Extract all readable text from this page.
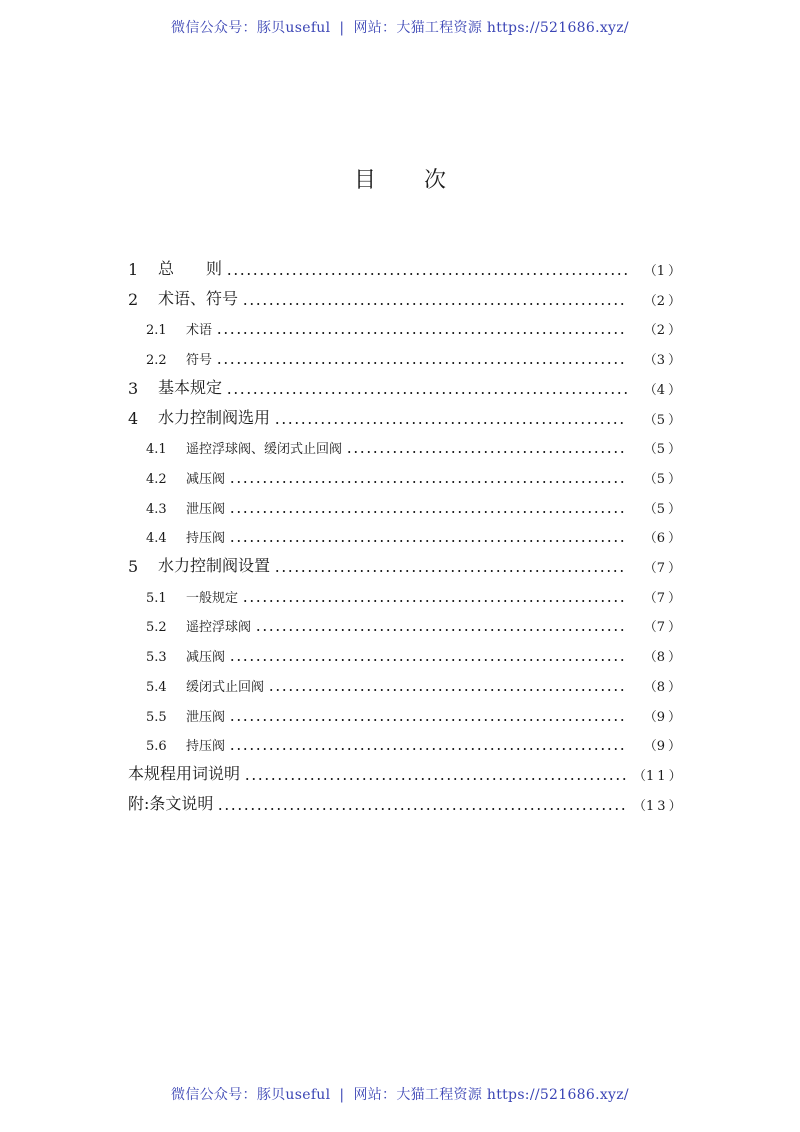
微信公众号：豚贝useful | 网站：大猫工程资源 https://521686.xyz/
目 次
1	总　　则	（1）
2	术语、符号	（2）
2.1	术语	（2）
2.2	符号	（3）
3	基本规定	（4）
4	水力控制阀选用	（5）
4.1	遥控浮球阀、缓闭式止回阀	（5）
4.2	减压阀	（5）
4.3	泄压阀	（5）
4.4	持压阀	（6）
5	水力控制阀设置	（7）
5.1	一般规定	（7）
5.2	遥控浮球阀	（7）
5.3	减压阀	（8）
5.4	缓闭式止回阀	（8）
5.5	泄压阀	（9）
5.6	持压阀	（9）
本规程用词说明	（11）
附:条文说明	（13）
微信公众号：豚贝useful | 网站：大猫工程资源 https://521686.xyz/
